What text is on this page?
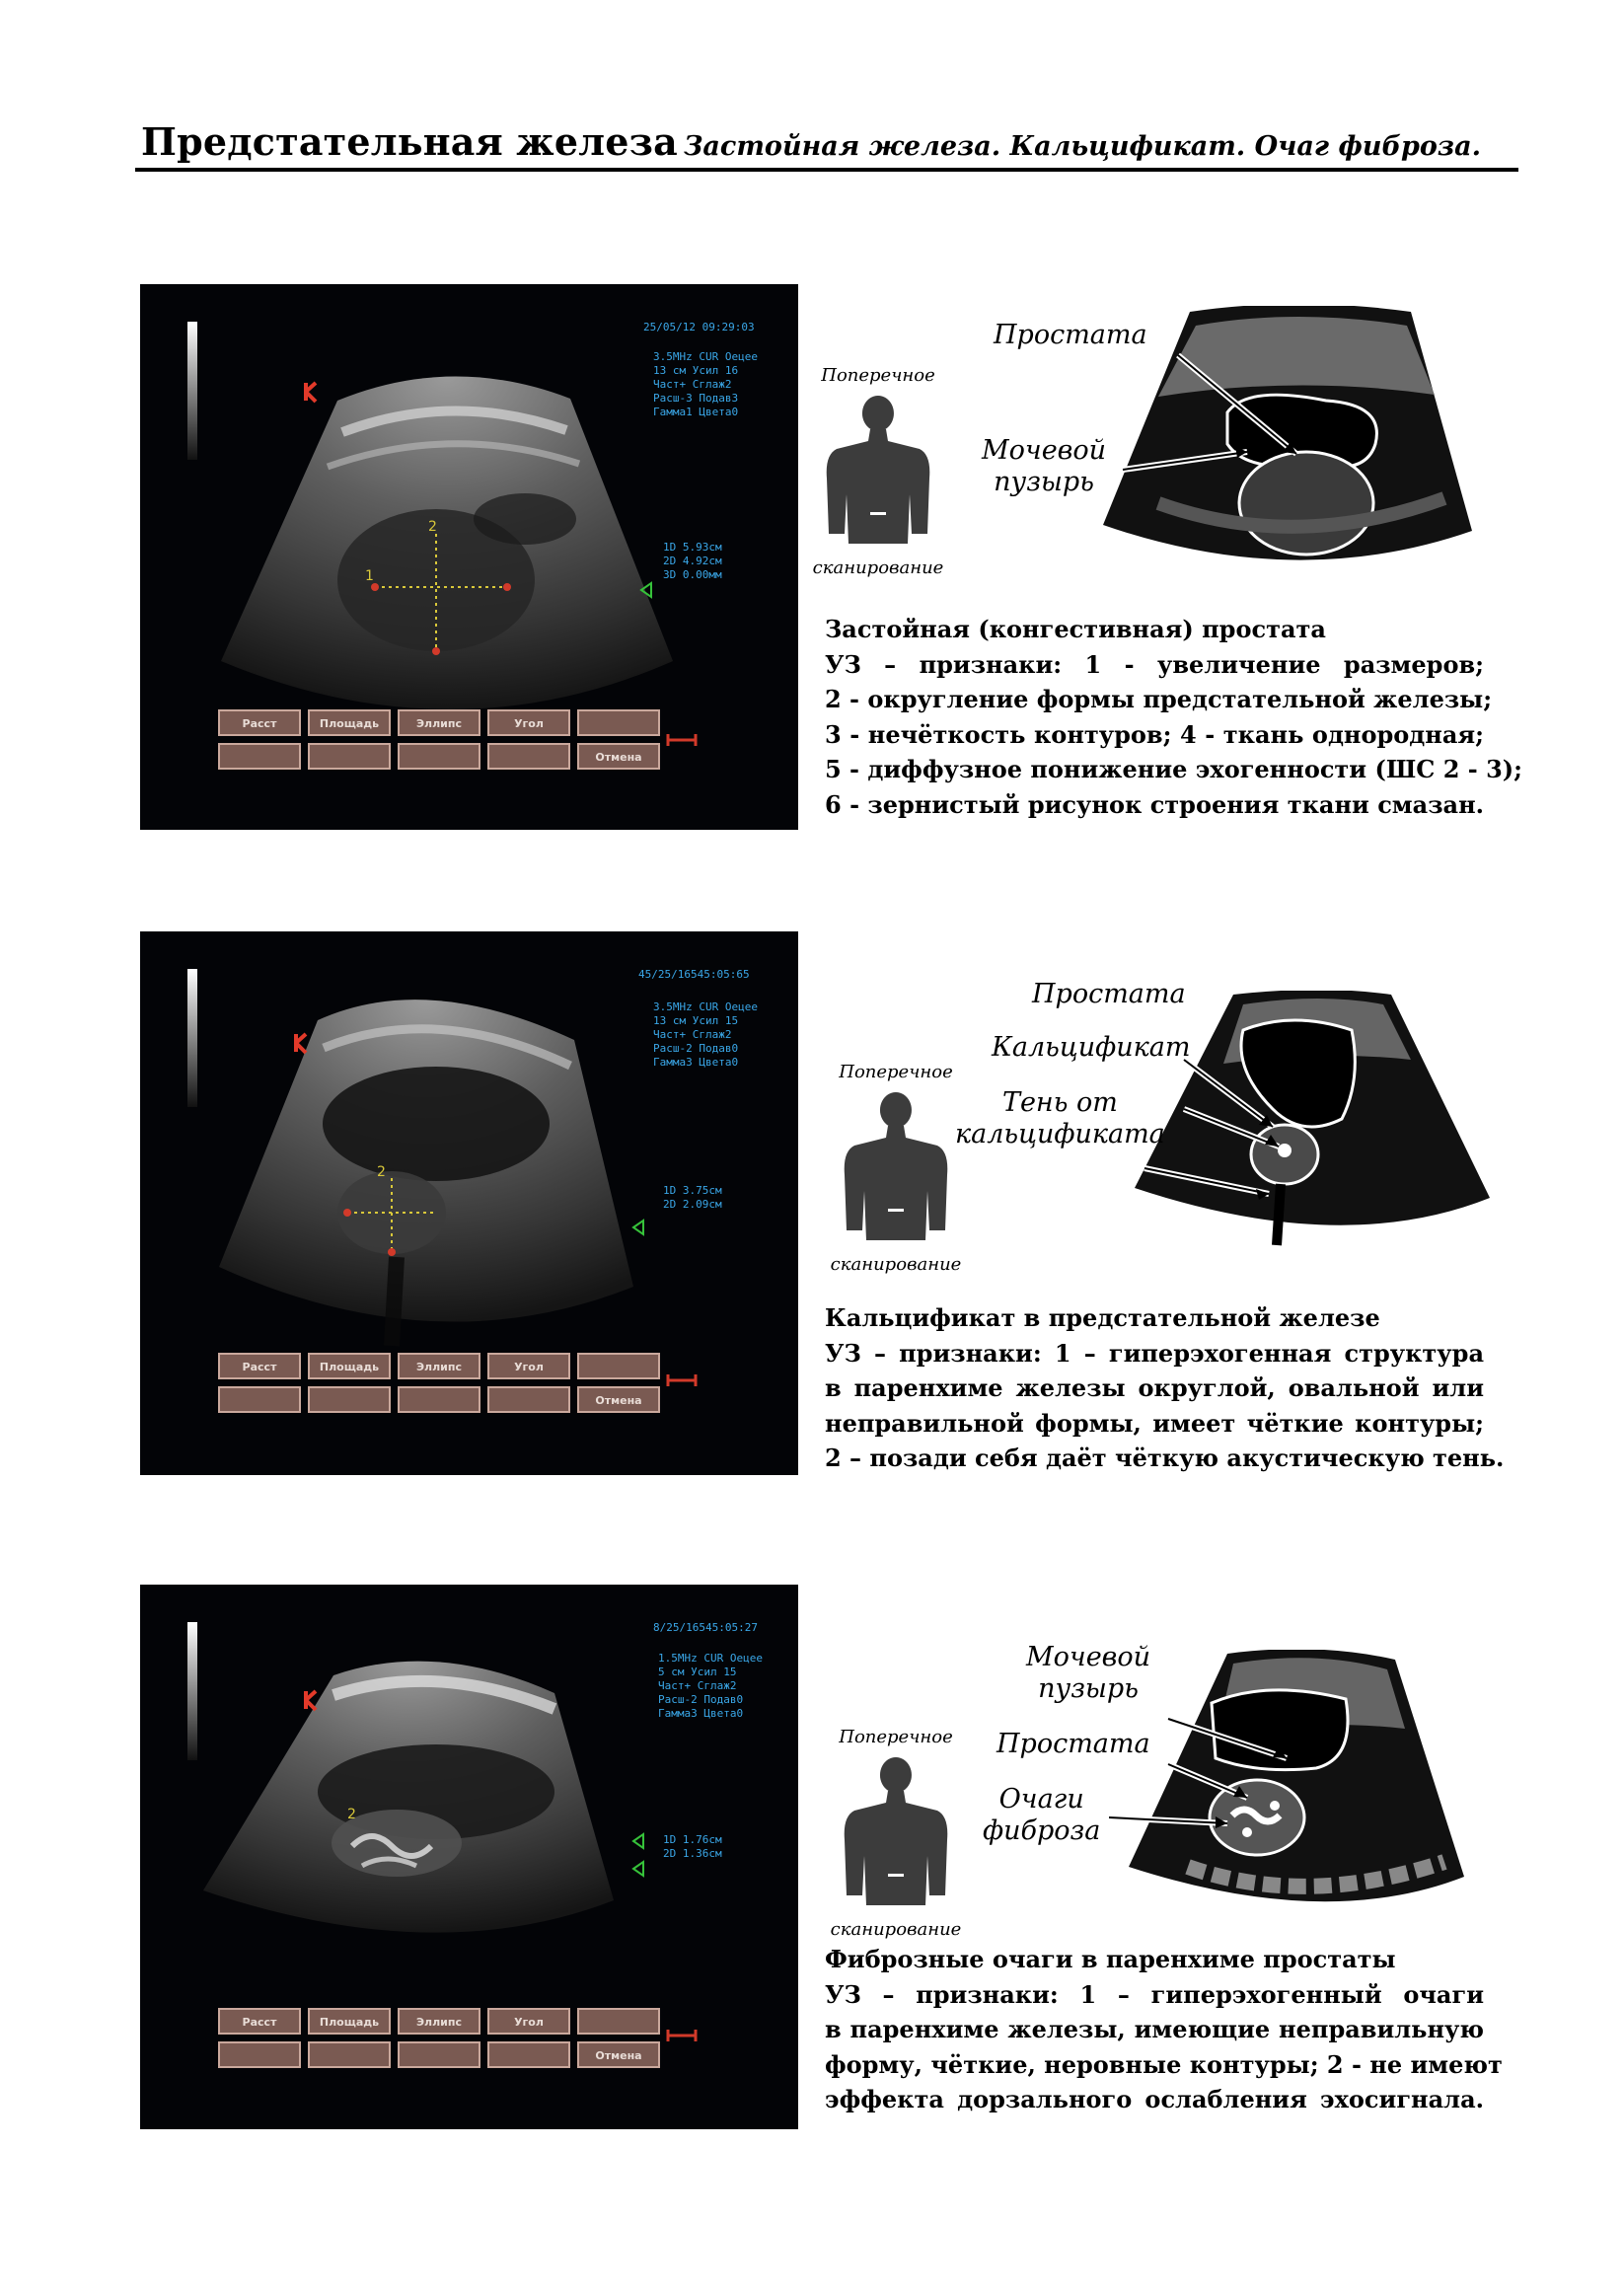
Предстательная железа Застойная железа. Кальцификат. Очаг фиброза.
2
1
25/05/12 09:29:03
3.5MHz CUR Оецее
13 см Усил 16
Част+ Сглаж2
Расш-3 Подав3
Гамма1 Цвета0
1D 5.93см
2D 4.92см
3D 0.00мм
Расст	Площадь	Эллипс	Угол
Отмена
Поперечное
сканирование
Простата
Мочевой
пузырь

Застойная (конгестивная) простата

УЗ – признаки: 1 - увеличение размеров;

2 - округление формы предстательной железы;

3 - нечёткость контуров; 4 - ткань однородная;

5 - диффузное понижение эхогенности (ШС 2 - 3);

6 - зернистый рисунок строения ткани смазан.

2
45/25/16545:05:65
3.5MHz CUR Оецее
13 см Усил 15
Част+ Сглаж2
Расш-2 Подав0
Гамма3 Цвета0
1D 3.75см
2D 2.09см
Расст	Площадь	Эллипс	Угол
Отмена
Поперечное
сканирование
Простата
Кальцификат
Тень от
кальцификата

Кальцификат в предстательной железе

УЗ – признаки: 1 – гиперэхогенная структура

в паренхиме железы округлой, овальной или

неправильной формы, имеет чёткие контуры;

2 – позади себя даёт чёткую акустическую тень.

2
8/25/16545:05:27
1.5MHz CUR Оецее
5 см Усил 15
Част+ Сглаж2
Расш-2 Подав0
Гамма3 Цвета0
1D 1.76см
2D 1.36см
Расст	Площадь	Эллипс	Угол
Отмена
Поперечное
сканирование
Мочевой
пузырь
Простата
Очаги
фиброза

Фиброзные очаги в паренхиме простаты

УЗ – признаки: 1 – гиперэхогенный очаги

в паренхиме железы, имеющие неправильную

форму, чёткие, неровные контуры; 2 - не имеют

эффекта дорзального ослабления эхосигнала.
